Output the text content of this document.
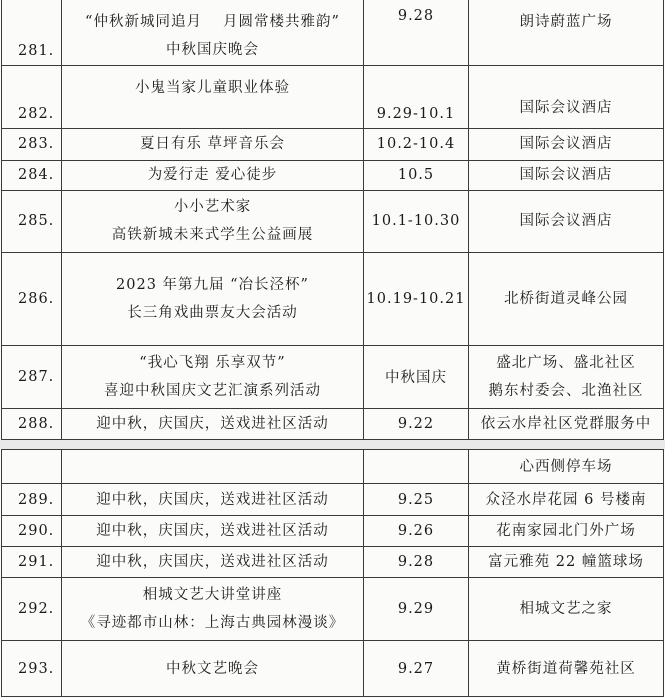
281.	“仲秋新城同追月　 月圆常楼共雅韵”
中秋国庆晚会	9.28	朗诗蔚蓝广场

282.	小鬼当家儿童职业体验	9.29-10.1	国际会议酒店

283.	夏日有乐 草坪音乐会	10.2-10.4	国际会议酒店

284.	为爱行走 爱心徒步	10.5	国际会议酒店

285.	小小艺术家
高铁新城未来式学生公益画展	10.1-10.30	国际会议酒店

286.	2023 年第九届 “冶长泾杯”
长三角戏曲票友大会活动	10.19-10.21	北桥街道灵峰公园

287.	“我心飞翔 乐享双节”
喜迎中秋国庆文艺汇演系列活动	中秋国庆	盛北广场、盛北社区
鹅东村委会、北渔社区

288.	迎中秋，庆国庆，送戏进社区活动	9.22	依云水岸社区党群服务中

			心西侧停车场

289.	迎中秋，庆国庆，送戏进社区活动	9.25	众泾水岸花园 6 号楼南

290.	迎中秋，庆国庆，送戏进社区活动	9.26	花南家园北门外广场

291.	迎中秋，庆国庆，送戏进社区活动	9.28	富元雅苑 22 幢篮球场

292.	相城文艺大讲堂讲座
《寻迹都市山林：上海古典园林漫谈》	9.29	相城文艺之家

293.	中秋文艺晚会	9.27	黄桥街道荷馨苑社区
